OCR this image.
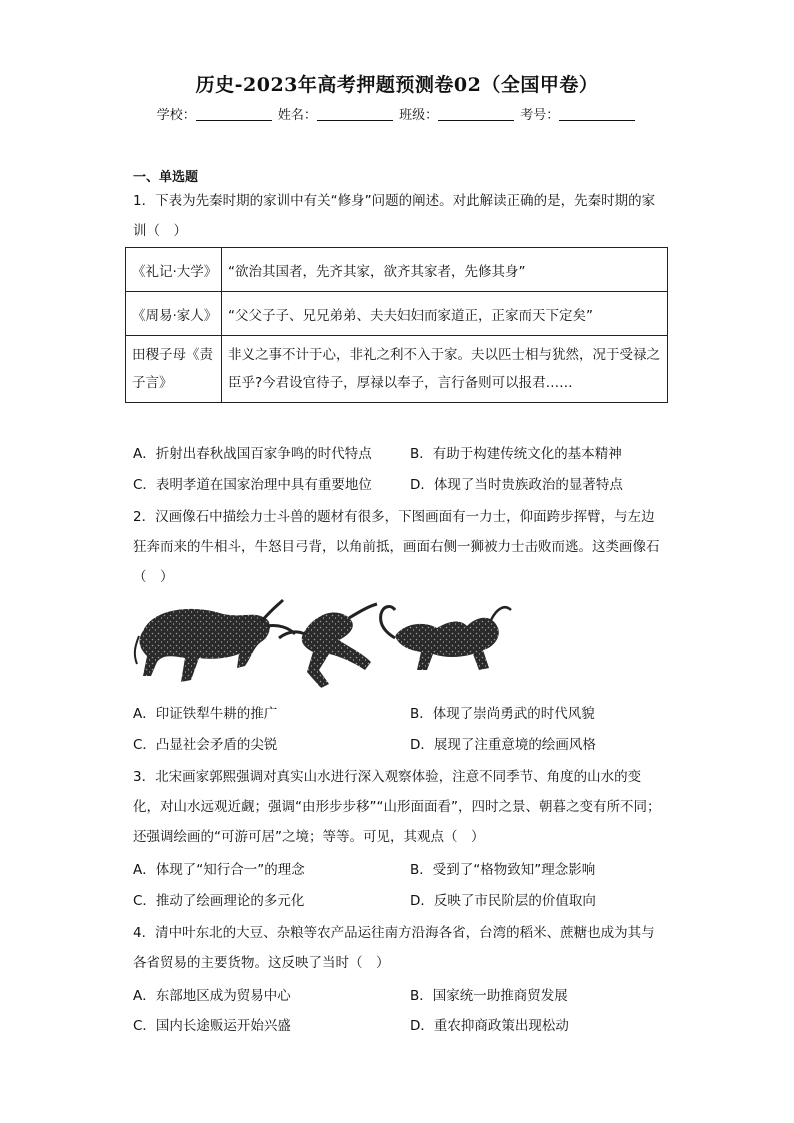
历史-2023年高考押题预测卷02（全国甲卷）
学校：	姓名：	班级：	考号：
一、单选题
1．下表为先秦时期的家训中有关“修身”问题的阐述。对此解读正确的是，先秦时期的家训（　）
《礼记·大学》	“欲治其国者，先齐其家，欲齐其家者，先修其身”
《周易·家人》	“父父子子、兄兄弟弟、夫夫妇妇而家道正，正家而天下定矣”
田稷子母《责子言》	非义之事不计于心，非礼之利不入于家。夫以匹士相与犹然，况于受禄之臣乎?今君设官待子，厚禄以奉子，言行备则可以报君……
A．折射出春秋战国百家争鸣的时代特点	B．有助于构建传统文化的基本精神
C．表明孝道在国家治理中具有重要地位	D．体现了当时贵族政治的显著特点
2．汉画像石中描绘力士斗兽的题材有很多，下图画面有一力士，仰面跨步挥臂，与左边狂奔而来的牛相斗，牛怒目弓背，以角前抵，画面右侧一狮被力士击败而逃。这类画像石（　）
A．印证铁犁牛耕的推广	B．体现了崇尚勇武的时代风貌
C．凸显社会矛盾的尖锐	D．展现了注重意境的绘画风格
3．北宋画家郭熙强调对真实山水进行深入观察体验，注意不同季节、角度的山水的变化，对山水远观近觑；强调“由形步步移”“山形面面看”，四时之景、朝暮之变有所不同；还强调绘画的“可游可居”之境；等等。可见，其观点（　）
A．体现了“知行合一”的理念	B．受到了“格物致知”理念影响
C．推动了绘画理论的多元化	D．反映了市民阶层的价值取向
4．清中叶东北的大豆、杂粮等农产品运往南方沿海各省，台湾的稻米、蔗糖也成为其与各省贸易的主要货物。这反映了当时（　）
A．东部地区成为贸易中心	B．国家统一助推商贸发展
C．国内长途贩运开始兴盛	D．重农抑商政策出现松动
